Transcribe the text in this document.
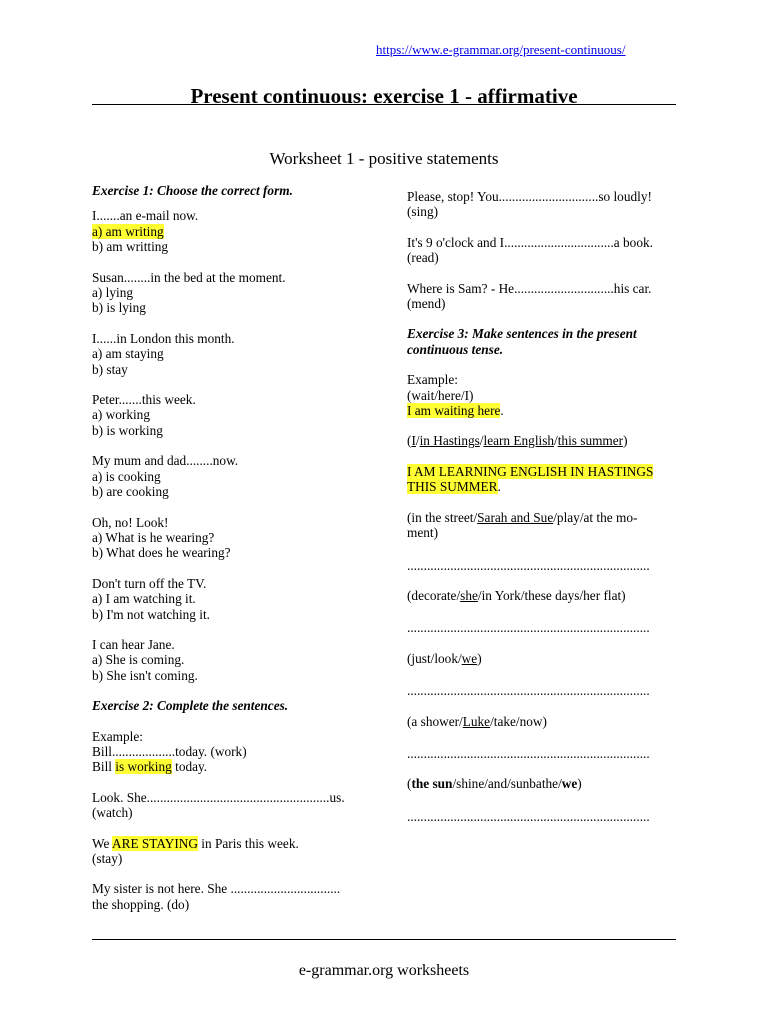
https://www.e-grammar.org/present-continuous/
Present continuous: exercise 1 - affirmative
Worksheet 1 - positive statements

Exercise 1: Choose the correct form.

I.......an e-mail now.

a) am writing

b) am writting

Susan........in the bed at the moment.

a) lying

b) is lying

I......in London this month.

a) am staying

b) stay

Peter.......this week.

a) working

b) is working

My mum and dad........now.

a) is cooking

b) are cooking

Oh, no! Look!

a) What is he wearing?

b) What does he wearing?

Don't turn off the TV.

a) I am watching it.

b) I'm not watching it.

I can hear Jane.

a) She is coming.

b) She isn't coming.

Exercise 2: Complete the sentences.

Example:

Bill...................today. (work)

Bill is working today.

Look. She.......................................................us.

(watch)

We ARE STAYING in Paris this week.

(stay)

My sister is not here. She .................................

the shopping. (do)

Please, stop! You..............................so loudly!

(sing)

It's 9 o'clock and I.................................a book.

(read)

Where is Sam? - He..............................his car.

(mend)

Exercise 3: Make sentences in the present

continuous tense.

Example:

(wait/here/I)

I am waiting here.

(I/in Hastings/learn English/this summer)

I AM LEARNING ENGLISH IN HASTINGS

THIS SUMMER.

(in the street/Sarah and Sue/play/at the mo-

ment)

.........................................................................

(decorate/she/in York/these days/her flat)

.........................................................................

(just/look/we)

.........................................................................

(a shower/Luke/take/now)

.........................................................................

(the sun/shine/and/sunbathe/we)

.........................................................................

e-grammar.org worksheets
